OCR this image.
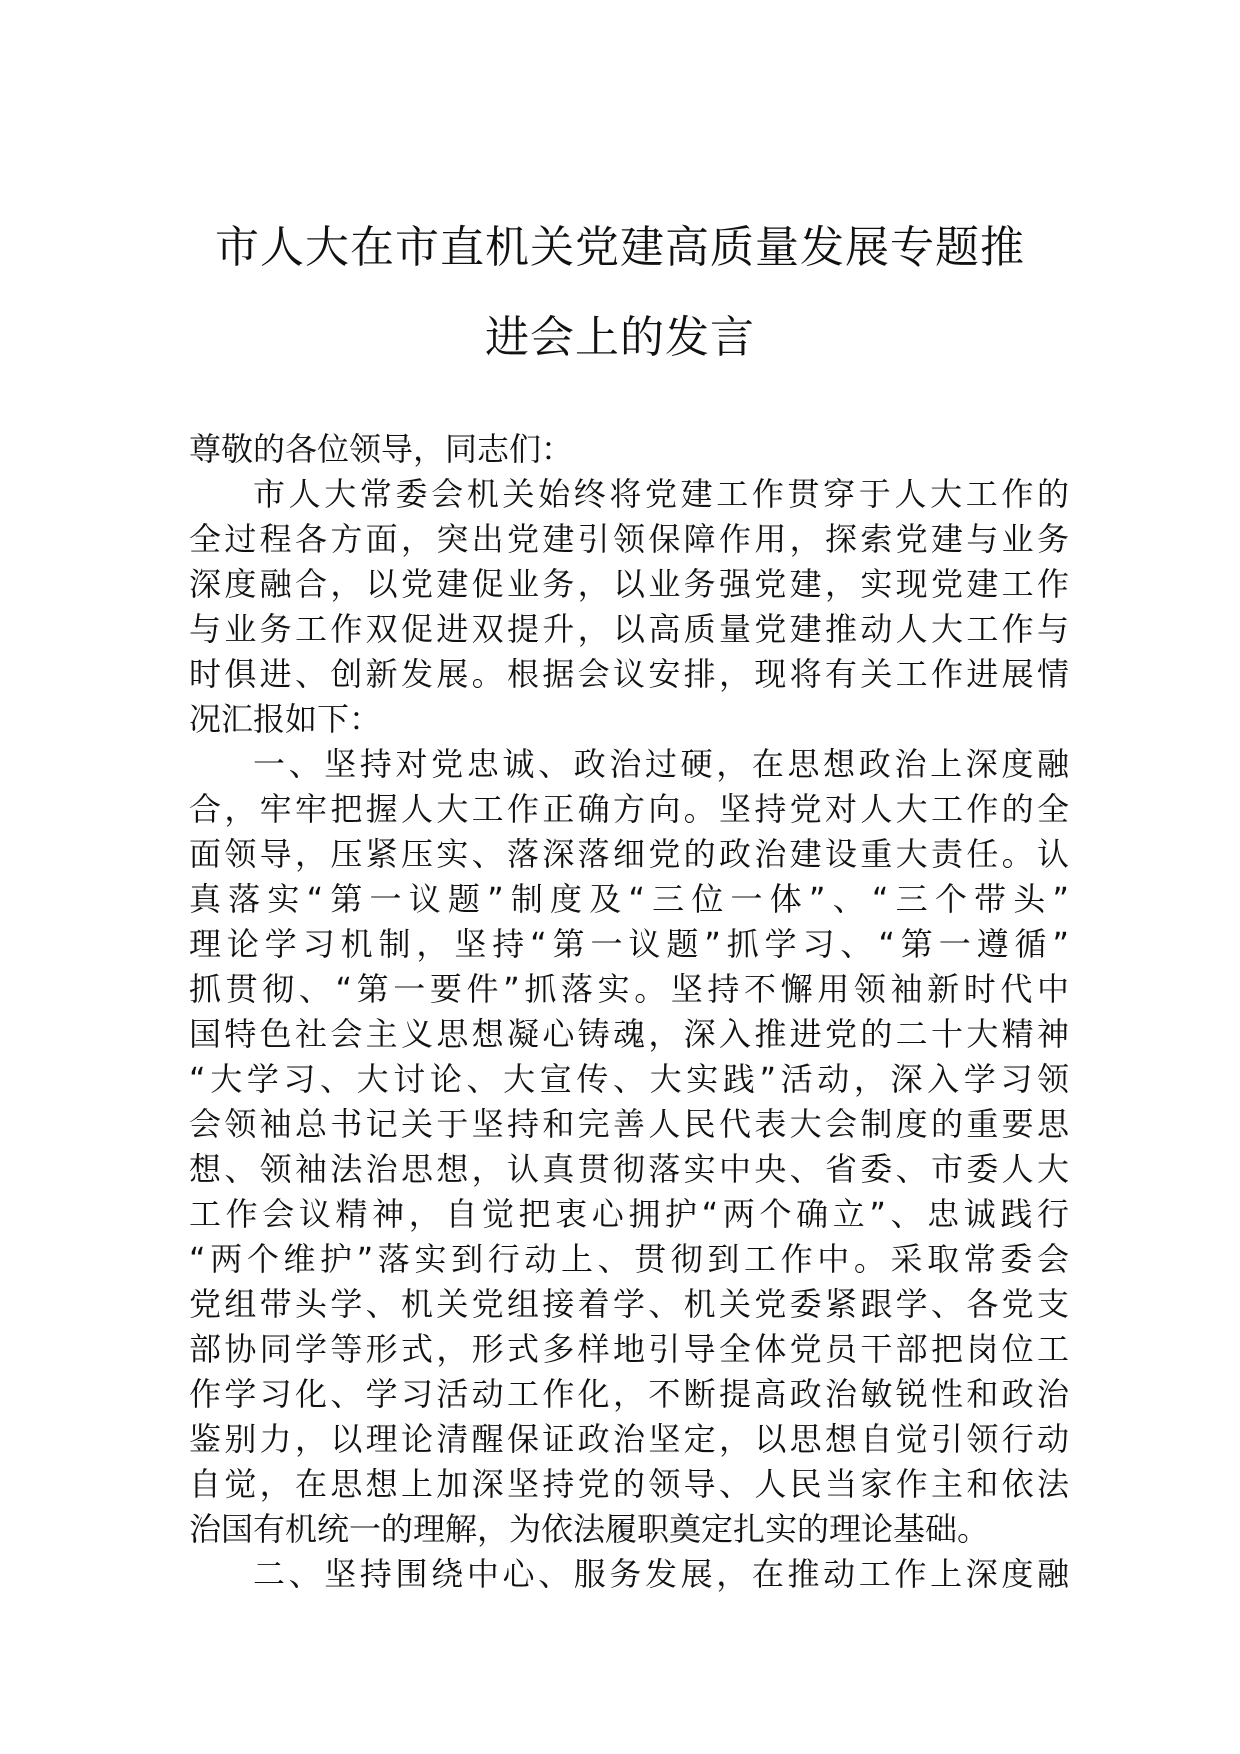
市人大在市直机关党建高质量发展专题推
进会上的发言
尊敬的各位领导，同志们：
市人大常委会机关始终将党建工作贯穿于人大工作的
全过程各方面，突出党建引领保障作用，探索党建与业务
深度融合，以党建促业务，以业务强党建，实现党建工作
与业务工作双促进双提升，以高质量党建推动人大工作与
时俱进、创新发展。根据会议安排，现将有关工作进展情
况汇报如下：
一、坚持对党忠诚、政治过硬，在思想政治上深度融
合，牢牢把握人大工作正确方向。坚持党对人大工作的全
面领导，压紧压实、落深落细党的政治建设重大责任。认
真落实“第一议题”制度及“三位一体”、“三个带头”
理论学习机制，坚持“第一议题”抓学习、“第一遵循”
抓贯彻、“第一要件”抓落实。坚持不懈用领袖新时代中
国特色社会主义思想凝心铸魂，深入推进党的二十大精神
“大学习、大讨论、大宣传、大实践”活动，深入学习领
会领袖总书记关于坚持和完善人民代表大会制度的重要思
想、领袖法治思想，认真贯彻落实中央、省委、市委人大
工作会议精神，自觉把衷心拥护“两个确立”、忠诚践行
“两个维护”落实到行动上、贯彻到工作中。采取常委会
党组带头学、机关党组接着学、机关党委紧跟学、各党支
部协同学等形式，形式多样地引导全体党员干部把岗位工
作学习化、学习活动工作化，不断提高政治敏锐性和政治
鉴别力，以理论清醒保证政治坚定，以思想自觉引领行动
自觉，在思想上加深坚持党的领导、人民当家作主和依法
治国有机统一的理解，为依法履职奠定扎实的理论基础。
二、坚持围绕中心、服务发展，在推动工作上深度融
